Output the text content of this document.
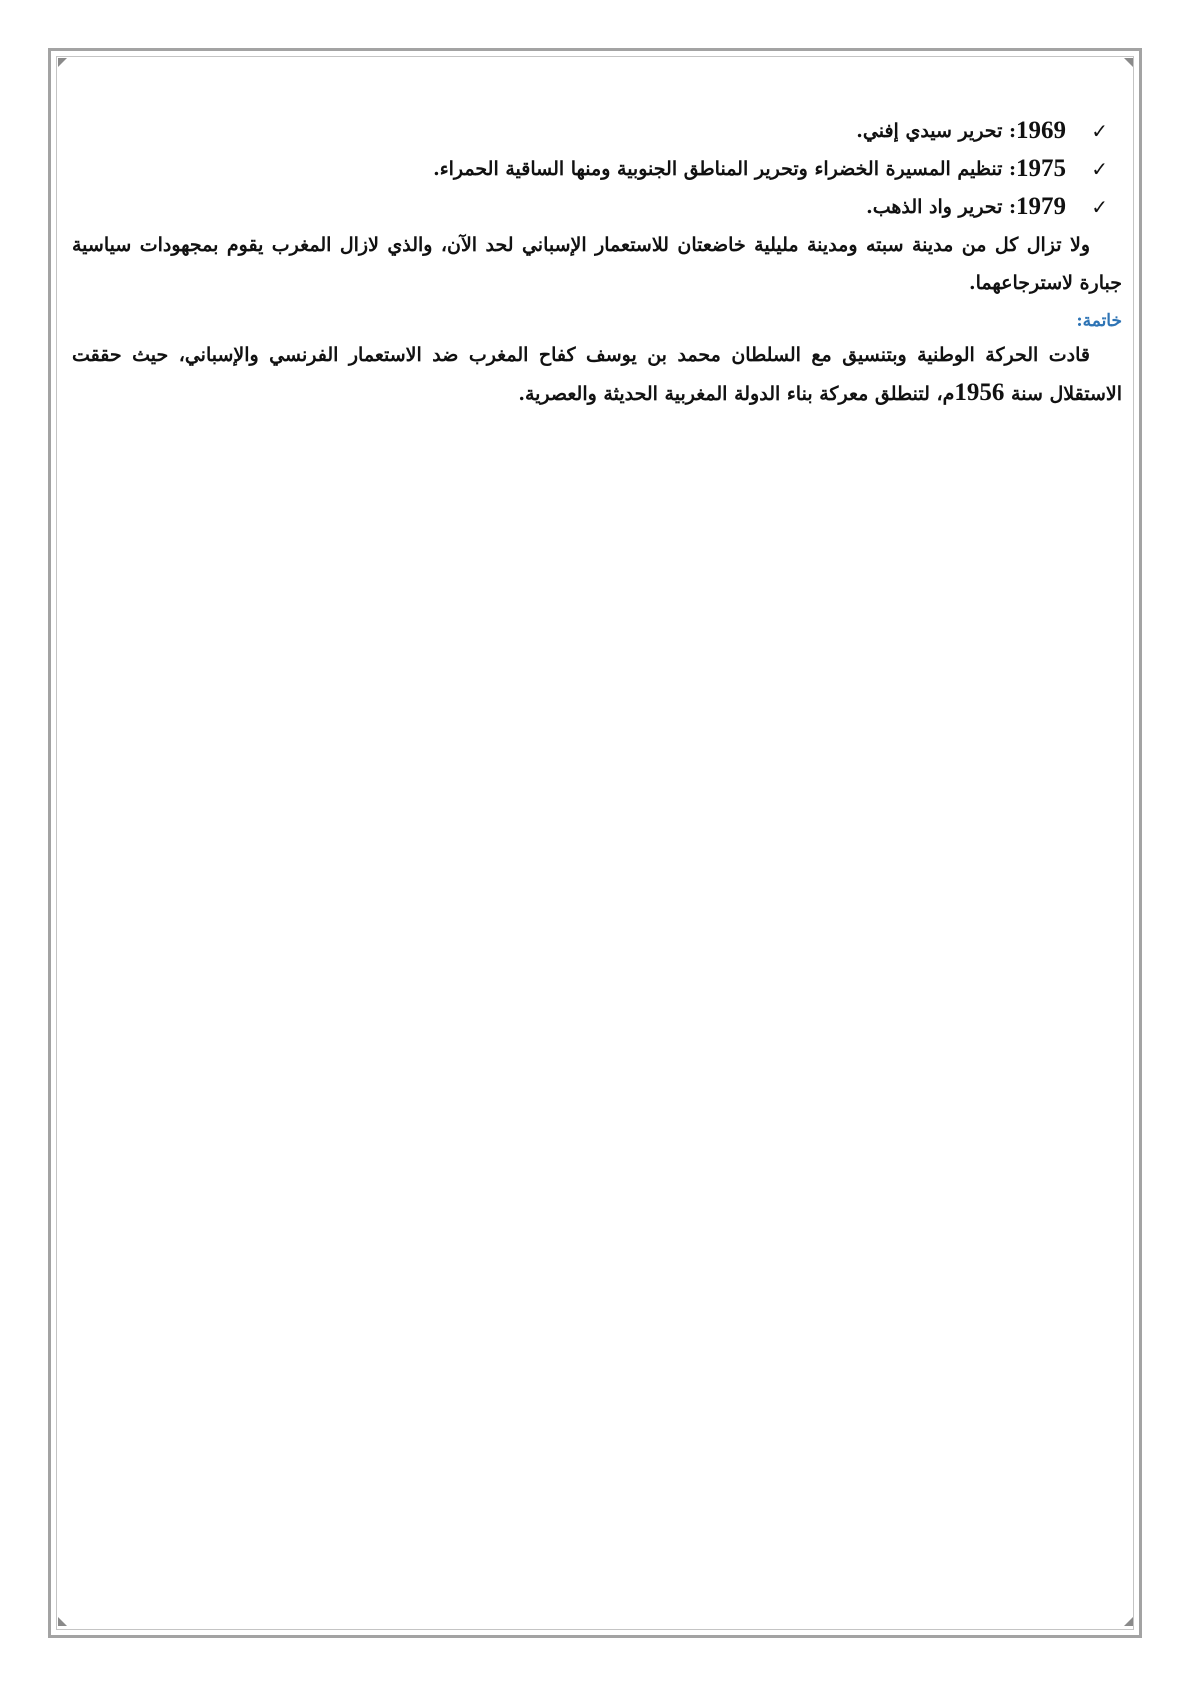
✓
1969
: تحرير سيدي إفني.
✓
1975
: تنظيم المسيرة الخضراء وتحرير المناطق الجنوبية ومنها الساقية الحمراء.
✓
1979
: تحرير واد الذهب.

ولا تزال كل من مدينة سبته ومدينة مليلية خاضعتان للاستعمار الإسباني لحد الآن، والذي لازال المغرب يقوم بمجهودات سياسية جبارة لاسترجاعهما.

خاتمة:

قادت الحركة الوطنية وبتنسيق مع السلطان محمد بن يوسف كفاح المغرب ضد الاستعمار الفرنسي والإسباني، حيث حققت الاستقلال سنة 1956م، لتنطلق معركة بناء الدولة المغربية الحديثة والعصرية.
